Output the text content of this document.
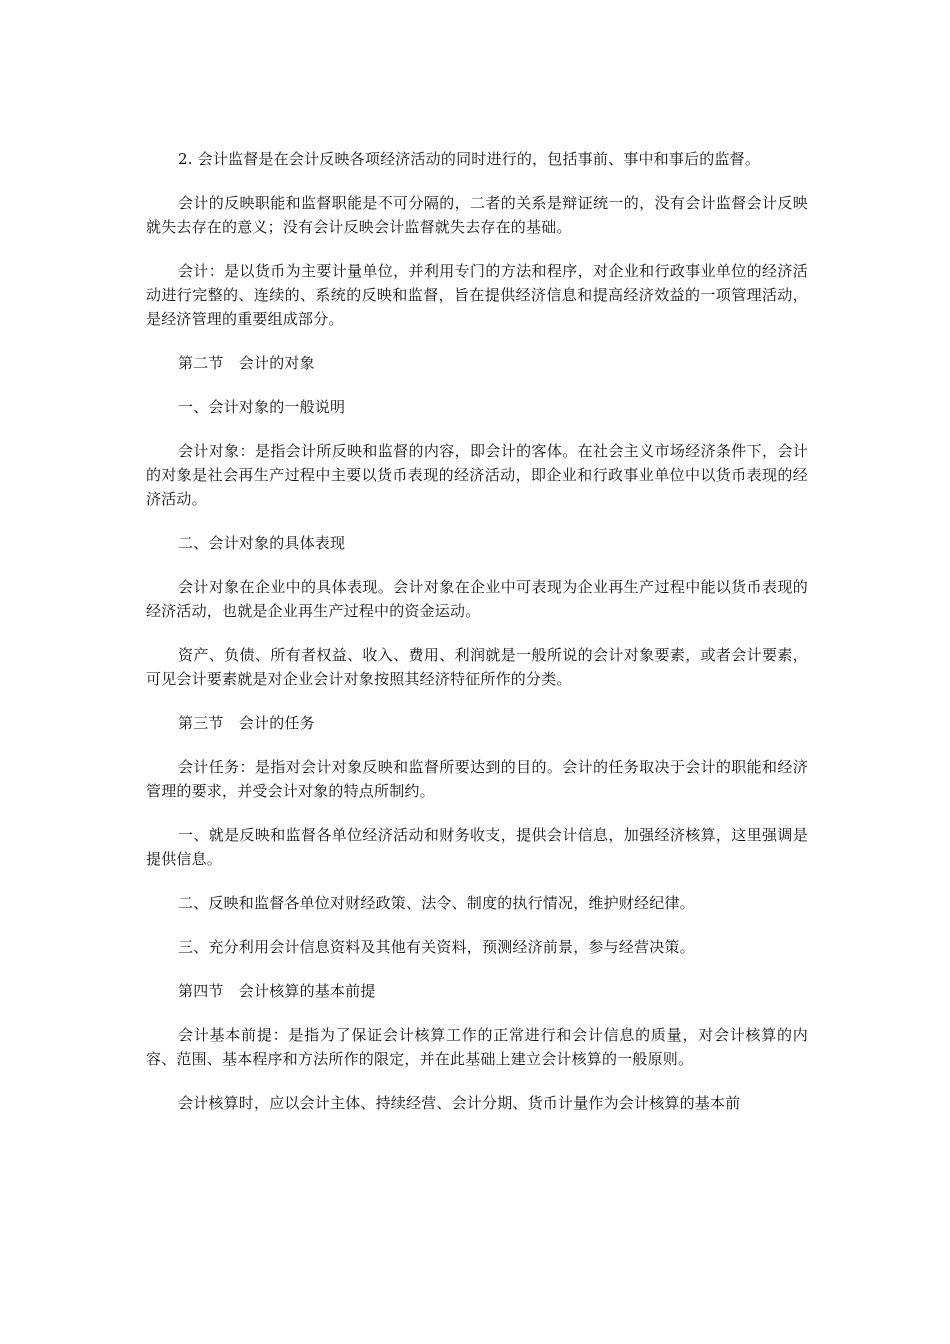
2. 会计监督是在会计反映各项经济活动的同时进行的，包括事前、事中和事后的监督。

会计的反映职能和监督职能是不可分隔的，二者的关系是辩证统一的，没有会计监督会计反映就失去存在的意义；没有会计反映会计监督就失去存在的基础。

会计：是以货币为主要计量单位，并利用专门的方法和程序，对企业和行政事业单位的经济活动进行完整的、连续的、系统的反映和监督，旨在提供经济信息和提高经济效益的一项管理活动，是经济管理的重要组成部分。

第二节　会计的对象

一、会计对象的一般说明

会计对象：是指会计所反映和监督的内容，即会计的客体。在社会主义市场经济条件下，会计的对象是社会再生产过程中主要以货币表现的经济活动，即企业和行政事业单位中以货币表现的经济活动。

二、会计对象的具体表现

会计对象在企业中的具体表现。会计对象在企业中可表现为企业再生产过程中能以货币表现的经济活动，也就是企业再生产过程中的资金运动。

资产、负债、所有者权益、收入、费用、利润就是一般所说的会计对象要素，或者会计要素，可见会计要素就是对企业会计对象按照其经济特征所作的分类。

第三节　会计的任务

会计任务：是指对会计对象反映和监督所要达到的目的。会计的任务取决于会计的职能和经济管理的要求，并受会计对象的特点所制约。

一、就是反映和监督各单位经济活动和财务收支，提供会计信息，加强经济核算，这里强调是提供信息。

二、反映和监督各单位对财经政策、法令、制度的执行情况，维护财经纪律。

三、充分利用会计信息资料及其他有关资料，预测经济前景，参与经营决策。

第四节　会计核算的基本前提

会计基本前提：是指为了保证会计核算工作的正常进行和会计信息的质量，对会计核算的内容、范围、基本程序和方法所作的限定，并在此基础上建立会计核算的一般原则。

会计核算时，应以会计主体、持续经营、会计分期、货币计量作为会计核算的基本前
